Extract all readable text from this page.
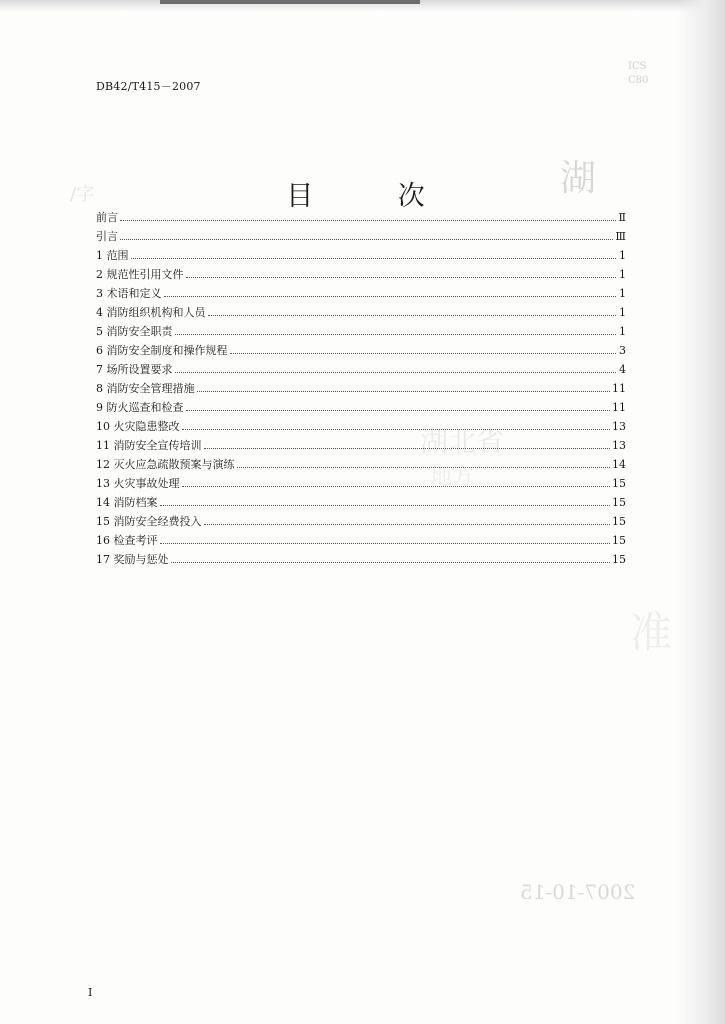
湖
ICS
C80
2007-10-15
湖北省
地方
/字
准
DB42/T415－2007
目 次
前言	Ⅱ
引言	Ⅲ
1 范围	1
2 规范性引用文件	1
3 术语和定义	1
4 消防组织机构和人员	1
5 消防安全职责	1
6 消防安全制度和操作规程	3
7 场所设置要求	4
8 消防安全管理措施	11
9 防火巡查和检查	11
10 火灾隐患整改	13
11 消防安全宣传培训	13
12 灭火应急疏散预案与演练	14
13 火灾事故处理	15
14 消防档案	15
15 消防安全经费投入	15
16 检查考评	15
17 奖励与惩处	15
I
